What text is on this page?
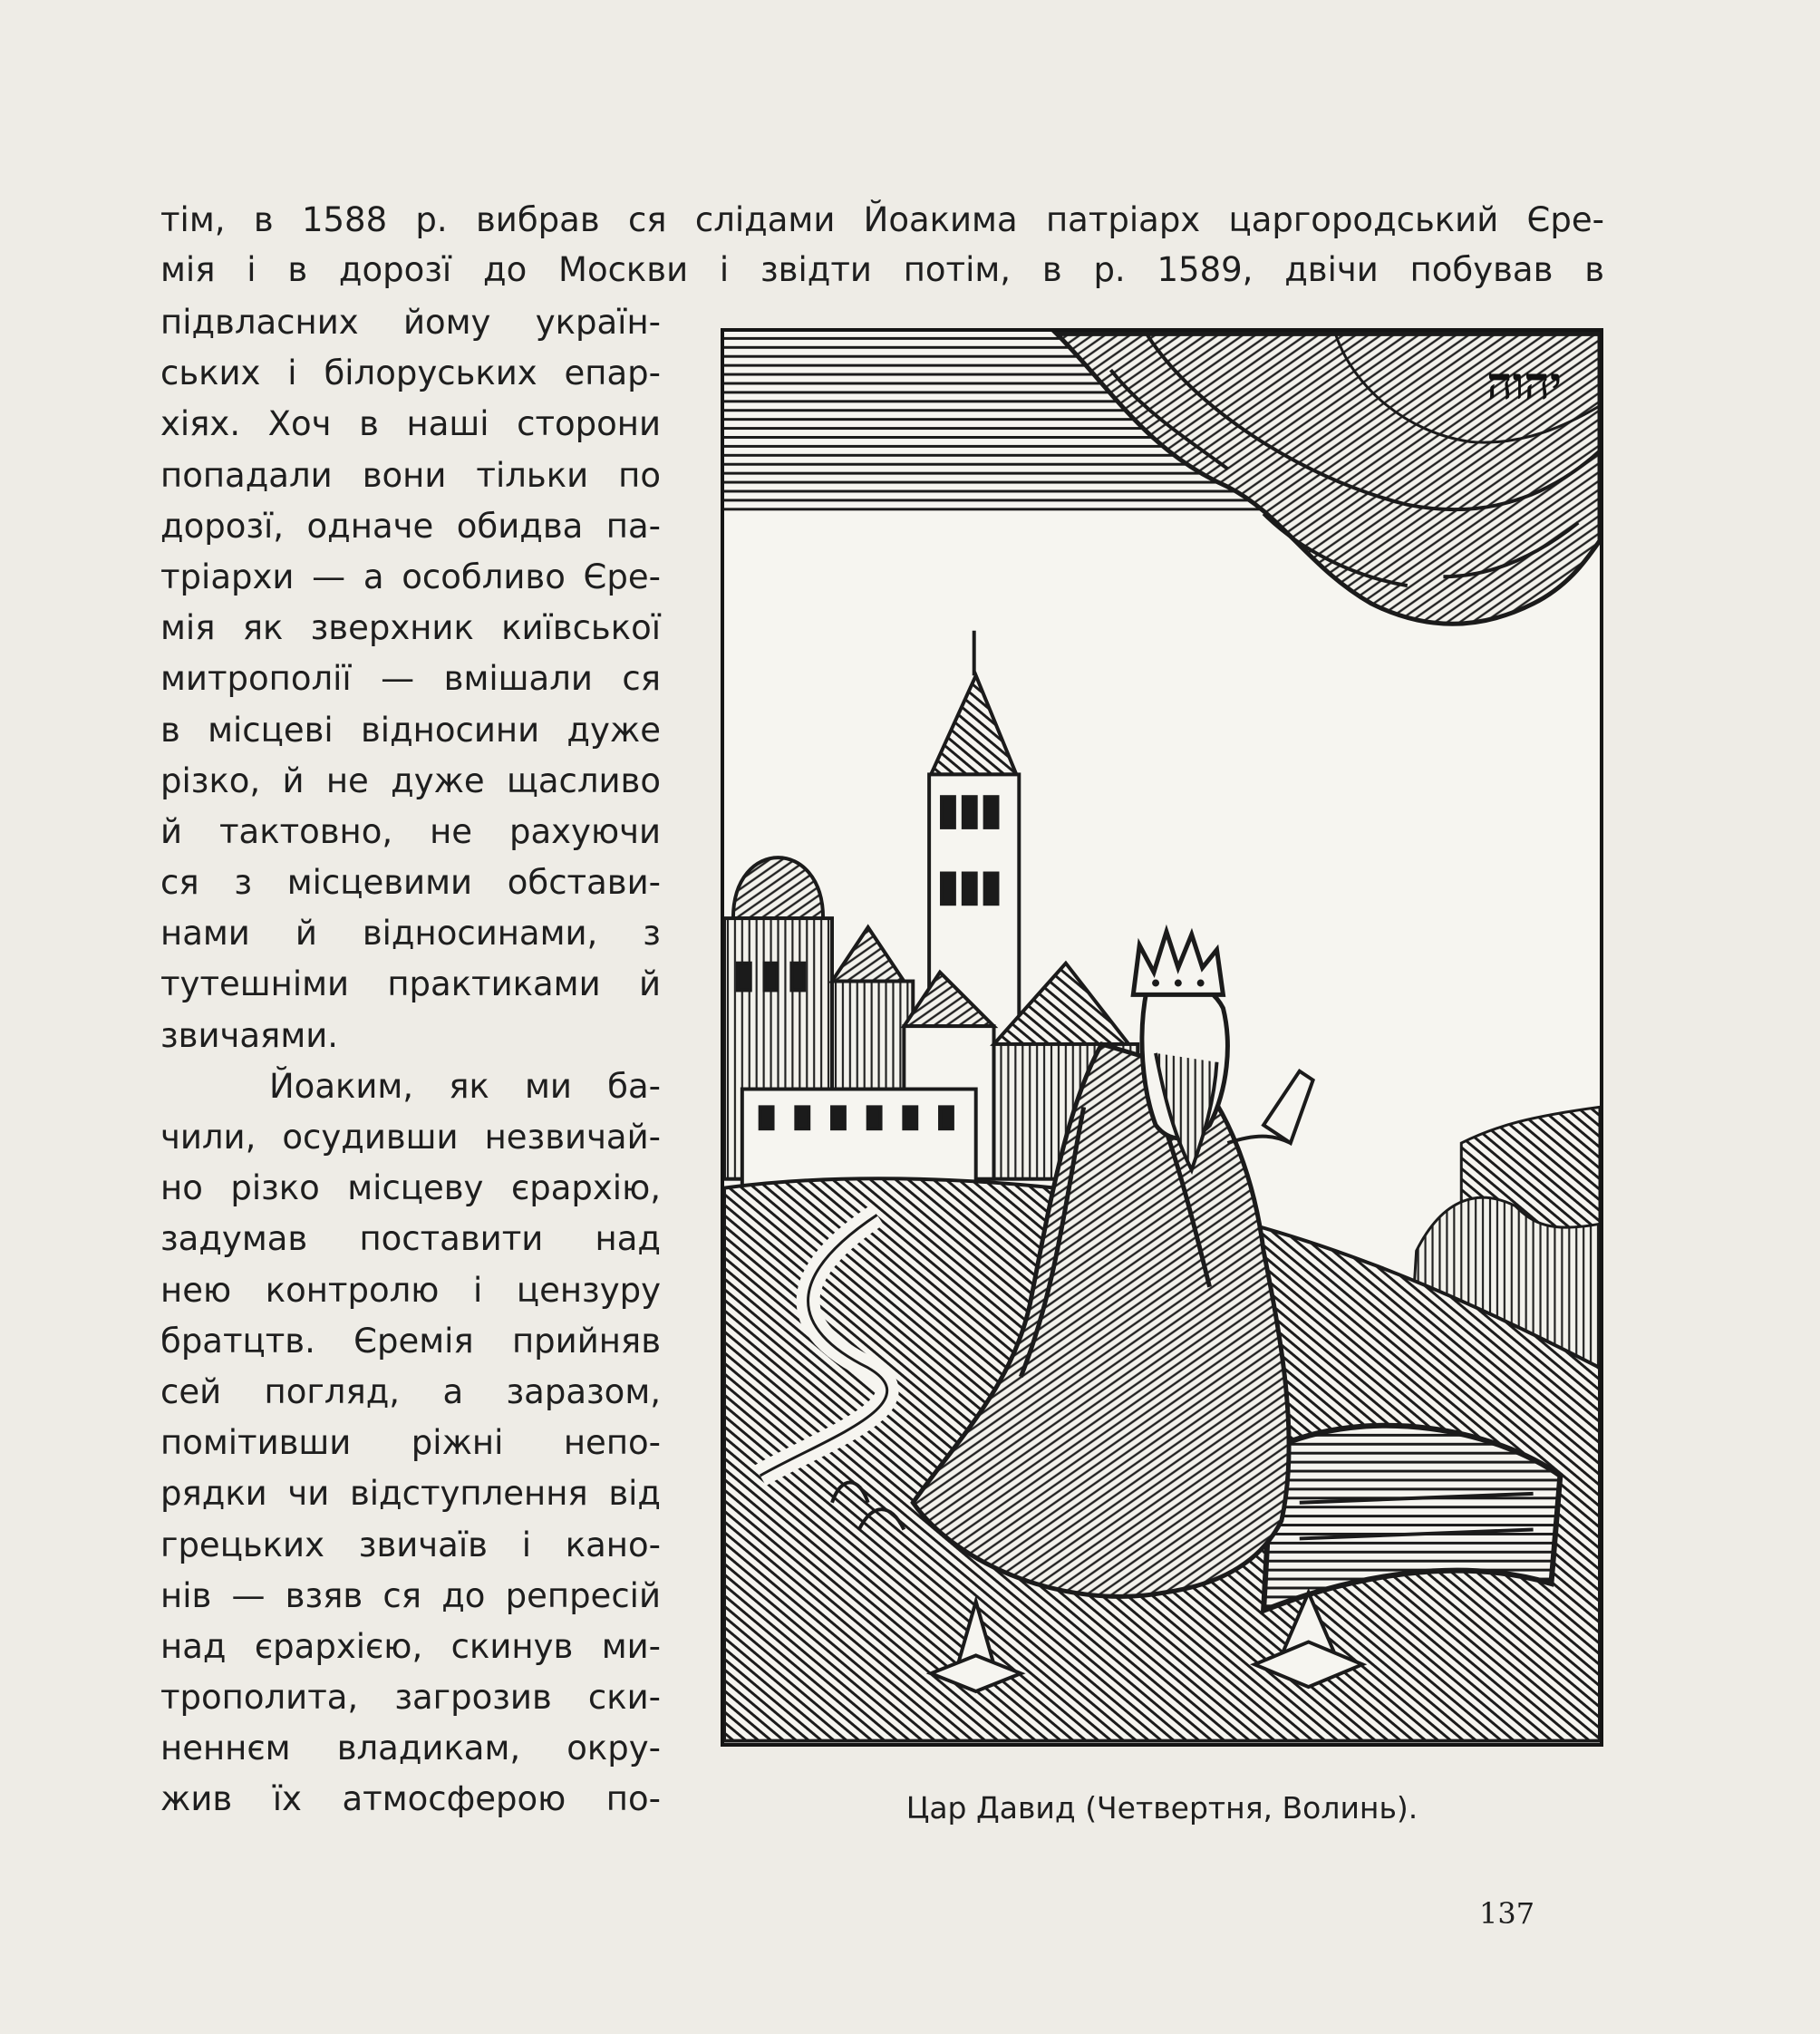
тім, в 1588 р. вибрав ся слідами Йоакима патріарх царгородський Єре-
мія і в дорозї до Москви і звідти потім, в р. 1589, двічи побував в
підвласних йому україн-
ських і білоруських епар-
хіях. Хоч в наші сторони
попадали вони тільки по
дорозї, одначе обидва па-
тріархи — а особливо Єре-
мія як зверхник київської
митрополії — вмішали ся
в місцеві відносини дуже
різко, й не дуже щасливо
й тактовно, не рахуючи
ся з місцевими обстави-
нами й відносинами, з
тутешніми практиками й
звичаями.
Йоаким, як ми ба-
чили, осудивши незвичай-
но різко місцеву єрархію,
задумав поставити над
нею контролю і цензуру
братцтв. Єремія прийняв
сей погляд, а заразом,
помітивши ріжні непо-
рядки чи відступлення від
грецьких звичаїв і кано-
нів — взяв ся до репресій
над єрархією, скинув ми-
трополита, загрозив ски-
неннєм владикам, окру-
жив їх атмосферою по-
יהוה
Цар Давид (Четвертня, Волинь).
137
